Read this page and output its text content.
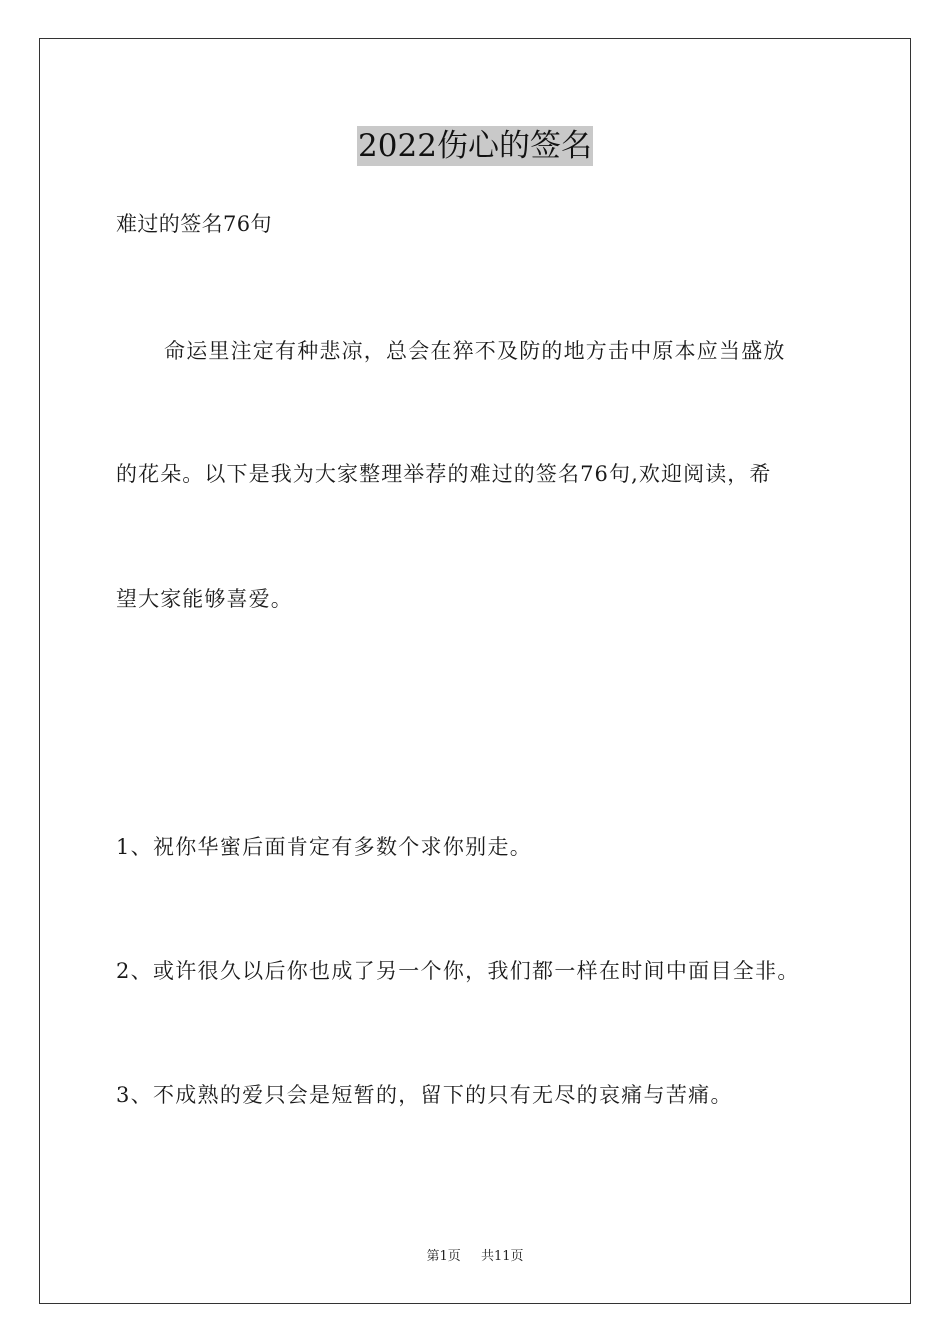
2022伤心的签名
难过的签名76句
命运里注定有种悲凉，总会在猝不及防的地方击中原本应当盛放
的花朵。以下是我为大家整理举荐的难过的签名76句,欢迎阅读，希
望大家能够喜爱。
1、祝你华蜜后面肯定有多数个求你别走。
2、或许很久以后你也成了另一个你，我们都一样在时间中面目全非。
3、不成熟的爱只会是短暂的，留下的只有无尽的哀痛与苦痛。
第1页 共11页
